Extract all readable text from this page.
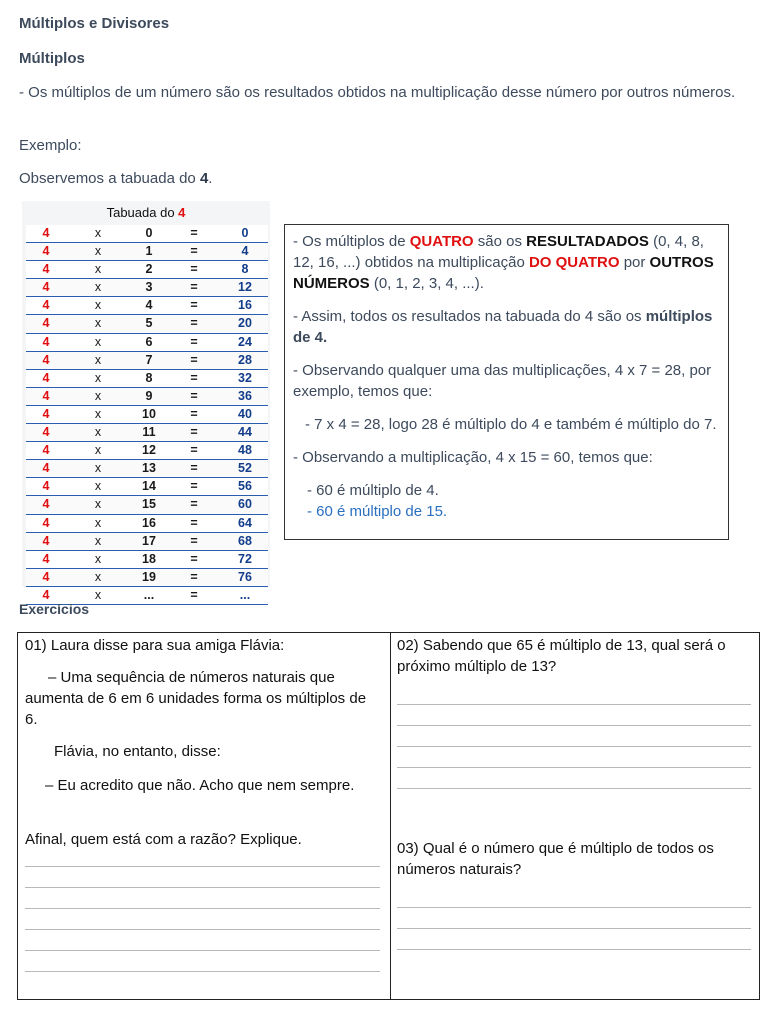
Múltiplos e Divisores
Múltiplos
- Os múltiplos de um número são os resultados obtidos na multiplicação desse número por outros números.
Exemplo:
Observemos a tabuada do 4.
Tabuada do 4
4	x	0	=	0
4	x	1	=	4
4	x	2	=	8
4	x	3	=	12
4	x	4	=	16
4	x	5	=	20
4	x	6	=	24
4	x	7	=	28
4	x	8	=	32
4	x	9	=	36
4	x	10	=	40
4	x	11	=	44
4	x	12	=	48
4	x	13	=	52
4	x	14	=	56
4	x	15	=	60
4	x	16	=	64
4	x	17	=	68
4	x	18	=	72
4	x	19	=	76
4	x	...	=	...

- Os múltiplos de QUATRO são os RESULTADADOS (0, 4, 8, 12, 16, ...) obtidos na multiplicação DO QUATRO por OUTROS NÚMEROS (0, 1, 2, 3, 4, ...).

- Assim, todos os resultados na tabuada do 4 são os múltiplos de 4.

- Observando qualquer uma das multiplicações, 4 x 7 = 28, por exemplo, temos que:

- 7 x 4 = 28, logo 28 é múltiplo do 4 e também é múltiplo do 7.

- Observando a multiplicação, 4 x 15 = 60, temos que:

- 60 é múltiplo de 4.

- 60 é múltiplo de 15.

Exercícios
01) Laura disse para sua amiga Flávia:
– Uma sequência de números naturais que aumenta de 6 em 6 unidades forma os múltiplos de 6.
Flávia, no entanto, disse:
– Eu acredito que não. Acho que nem sempre.
Afinal, quem está com a razão? Explique.
02) Sabendo que 65 é múltiplo de 13, qual será o próximo múltiplo de 13?
03) Qual é o número que é múltiplo de todos os números naturais?
